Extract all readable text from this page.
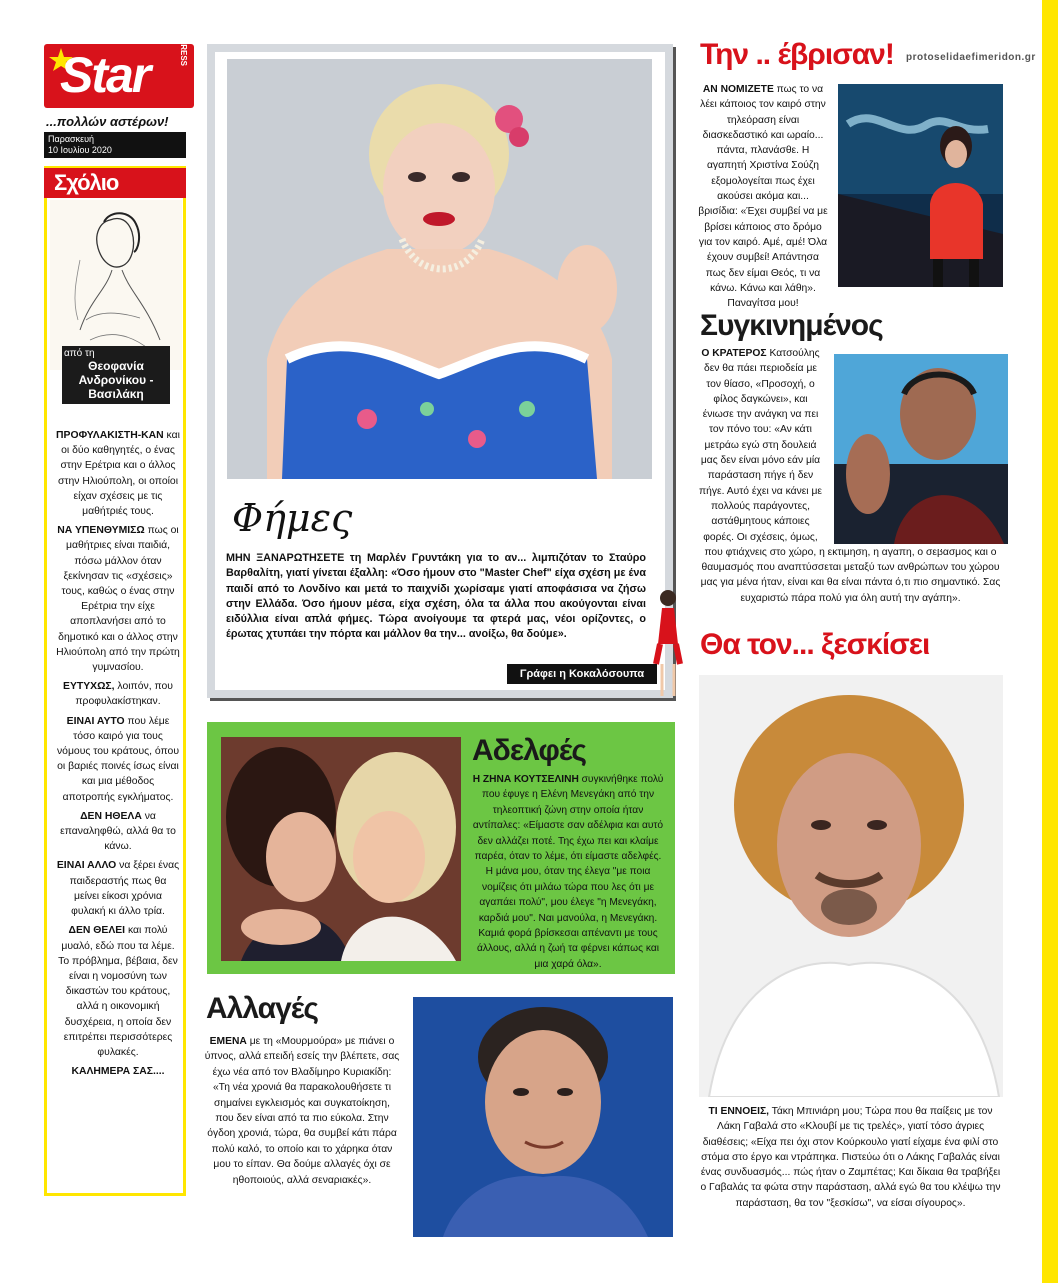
protoselidaefimeridon.gr
Star	PRESS
...πολλών αστέρων!
Παρασκευή
10 Ιουλίου 2020
Σχόλιο
από τη
Θεοφανία Ανδρονίκου - Βασιλάκη
ΠΡΟΦΥΛΑΚΙΣΤΗ-ΚΑΝ και οι δύο καθηγητές, ο ένας στην Ερέτρια και ο άλλος στην Ηλιούπολη, οι οποίοι είχαν σχέσεις με τις μαθήτριές τους.
ΝΑ ΥΠΕΝΘΥΜΙΣΩ πως οι μαθήτριες είναι παιδιά, πόσω μάλλον όταν ξεκίνησαν τις «σχέσεις» τους, καθώς ο ένας στην Ερέτρια την είχε αποπλανήσει από το δημοτικό και ο άλλος στην Ηλιούπολη από την πρώτη γυμνασίου.
ΕΥΤΥΧΩΣ, λοιπόν, που προφυλακίστηκαν.
ΕΙΝΑΙ ΑΥΤΟ που λέμε τόσο καιρό για τους νόμους του κράτους, όπου οι βαριές ποινές ίσως είναι και μια μέθοδος αποτροπής εγκλήματος.
ΔΕΝ ΗΘΕΛΑ να επαναληφθώ, αλλά θα το κάνω.
ΕΙΝΑΙ ΑΛΛΟ να ξέρει ένας παιδεραστής πως θα μείνει είκοσι χρόνια φυλακή κι άλλο τρία.
ΔΕΝ ΘΕΛΕΙ και πολύ μυαλό, εδώ που τα λέμε. Το πρόβλημα, βέβαια, δεν είναι η νομοσύνη των δικαστών του κράτους, αλλά η οικονομική δυσχέρεια, η οποία δεν επιτρέπει περισσότερες φυλακές.
ΚΑΛΗΜΕΡΑ ΣΑΣ....
Φήμες
ΜΗΝ ΞΑΝΑΡΩΤΗΣΕΤΕ τη Μαρλέν Γρυντάκη για το αν... λιμπιζόταν το Σταύρο Βαρθαλίτη, γιατί γίνεται έξαλλη: «Όσο ήμουν στο "Master Chef" είχα σχέση με ένα παιδί από το Λονδίνο και μετά το παιχνίδι χωρίσαμε γιατί αποφάσισα να ζήσω στην Ελλάδα. Όσο ήμουν μέσα, είχα σχέση, όλα τα άλλα που ακούγονται είναι ειδύλλια είναι απλά φήμες. Τώρα ανοίγουμε τα φτερά μας, νέοι ορίζοντες, ο έρωτας χτυπάει την πόρτα και μάλλον θα την... ανοίξω, θα δούμε».
Γράφει η Κοκαλόσουπα
Αδελφές
Η ΖΗΝΑ ΚΟΥΤΣΕΛΙΝΗ συγκινήθηκε πολύ που έφυγε η Ελένη Μενεγάκη από την τηλεοπτική ζώνη στην οποία ήταν αντίπαλες: «Είμαστε σαν αδέλφια και αυτό δεν αλλάζει ποτέ. Της έχω πει και κλαίμε παρέα, όταν το λέμε, ότι είμαστε αδελφές. Η μάνα μου, όταν της έλεγα "με ποια νομίζεις ότι μιλάω τώρα που λες ότι με αγαπάει πολύ", μου έλεγε "η Μενεγάκη, καρδιά μου". Ναι μανούλα, η Μενεγάκη. Καμιά φορά βρίσκεσαι απέναντι με τους άλλους, αλλά η ζωή τα φέρνει κάπως και μια χαρά όλα».
Αλλαγές
ΕΜΕΝΑ με τη «Μουρμούρα» με πιάνει ο ύπνος, αλλά επειδή εσείς την βλέπετε, σας έχω νέα από τον Βλαδίμηρο Κυριακίδη: «Τη νέα χρονιά θα παρακολουθήσετε τι σημαίνει εγκλεισμός και συγκατοίκηση, που δεν είναι από τα πιο εύκολα. Στην όγδοη χρονιά, τώρα, θα συμβεί κάτι πάρα πολύ καλό, το οποίο και το χάρηκα όταν μου το είπαν. Θα δούμε αλλαγές όχι σε ηθοποιούς, αλλά σεναριακές».
Την .. έβρισαν!
ΑΝ ΝΟΜΙΖΕΤΕ πως το να λέει κάποιος τον καιρό στην τηλεόραση είναι διασκεδαστικό και ωραίο... πάντα, πλανάσθε. Η αγαπητή Χριστίνα Σούζη εξομολογείται πως έχει ακούσει ακόμα και... βρισίδια: «Έχει συμβεί να με βρίσει κάποιος στο δρόμο για τον καιρό. Αμέ, αμέ! Όλα έχουν συμβεί! Απάντησα πως δεν είμαι Θεός, τι να κάνω. Κάνω και λάθη». Παναγίτσα μου!
Συγκινημένος
Ο ΚΡΑΤΕΡΟΣ Κατσούλης δεν θα πάει περιοδεία με τον θίασο, «Προσοχή, ο φίλος δαγκώνει», και ένιωσε την ανάγκη να πει τον πόνο του: «Αν κάτι μετράω εγώ στη δουλειά μας δεν είναι μόνο εάν μία παράσταση πήγε ή δεν πήγε. Αυτό έχει να κάνει με πολλούς παράγοντες, αστάθμητους κάποιες φορές. Οι σχέσεις, όμως, που φτιάχνεις στο χώρο, η εκτίμηση, η αγάπη, ο σεβασμός και ο θαυμασμός που αναπτύσσεται μεταξύ των ανθρώπων του χώρου μας για μένα ήταν, είναι και θα είναι πάντα ό,τι πιο σημαντικό. Σας ευχαριστώ πάρα πολύ για όλη αυτή την αγάπη».
Θα τον... ξεσκίσει
ΤΙ ΕΝΝΟΕΙΣ, Τάκη Μπινιάρη μου; Τώρα που θα παίξεις με τον Λάκη Γαβαλά στο «Κλουβί με τις τρελές», γιατί τόσο άγριες διαθέσεις; «Είχα πει όχι στον Κούρκουλο γιατί είχαμε ένα φιλί στο στόμα στο έργο και ντράπηκα. Πιστεύω ότι ο Λάκης Γαβαλάς είναι ένας συνδυασμός... πώς ήταν ο Ζαμπέτας; Και δίκαια θα τραβήξει ο Γαβαλάς τα φώτα στην παράσταση, αλλά εγώ θα του κλέψω την παράσταση, θα τον "ξεσκίσω", να είσαι σίγουρος».
